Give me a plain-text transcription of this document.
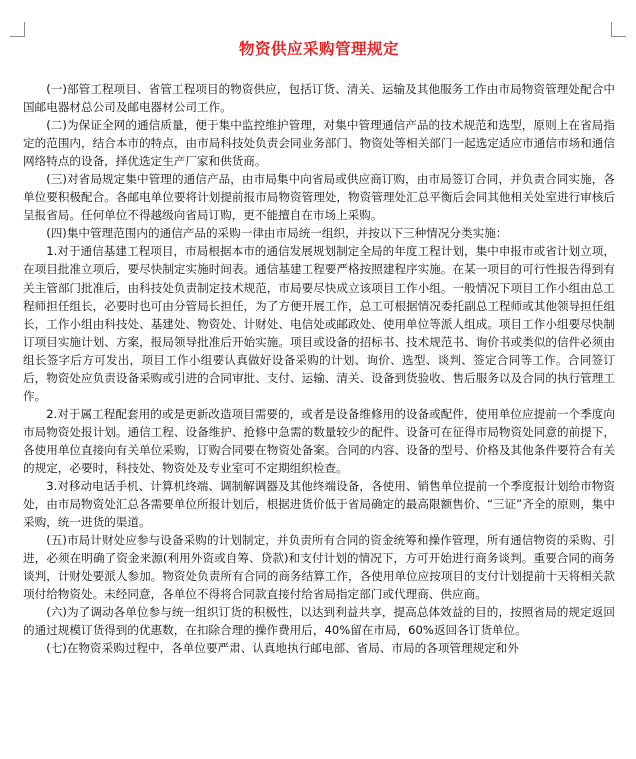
物资供应采购管理规定

(一)部管工程项目、省管工程项目的物资供应，包括订货、清关、运输及其他服务工作由市局物资管理处配合中国邮电器材总公司及邮电器材公司工作。

(二)为保证全网的通信质量，便于集中监控维护管理，对集中管理通信产品的技术规范和选型，原则上在省局指定的范围内，结合本市的特点，由市局科技处负责会同业务部门、物资处等相关部门一起选定适应市通信市场和通信网络特点的设备，择优选定生产厂家和供货商。

(三)对省局规定集中管理的通信产品，由市局集中向省局或供应商订购，由市局签订合同，并负责合同实施，各单位要积极配合。各邮电单位要将计划提前报市局物资管理处，物资管理处汇总平衡后会同其他相关处室进行审核后呈报省局。任何单位不得越级向省局订购，更不能擅自在市场上采购。

(四)集中管理范围内的通信产品的采购一律由市局统一组织，并按以下三种情况分类实施：

1.对于通信基建工程项目，市局根据本市的通信发展规划制定全局的年度工程计划，集中申报市或省计划立项，在项目批准立项后，要尽快制定实施时间表。通信基建工程要严格按照建程序实施。在某一项目的可行性报告得到有关主管部门批准后，由科技处负责制定技术规范，市局要尽快成立该项目工作小组。一般情况下项目工作小组由总工程师担任组长，必要时也可由分管局长担任，为了方便开展工作，总工可根据情况委托副总工程师或其他领导担任组长，工作小组由科技处、基建处、物资处、计财处、电信处或邮政处、使用单位等派人组成。项目工作小组要尽快制订项目实施计划、方案，报局领导批准后开始实施。项目或设备的招标书、技术规范书、询价书或类似的信件必须由组长签字后方可发出，项目工作小组要认真做好设备采购的计划、询价、选型、谈判、签定合同等工作。合同签订后，物资处应负责设备采购或引进的合同审批、支付、运输、清关、设备到货验收、售后服务以及合同的执行管理工作。

2.对于属工程配套用的或是更新改造项目需要的，或者是设备维修用的设备或配件，使用单位应提前一个季度向市局物资处报计划。通信工程、设备维护、抢修中急需的数量较少的配件、设备可在征得市局物资处同意的前提下，各使用单位直接向有关单位采购，订购合同要在物资处备案。合同的内容、设备的型号、价格及其他条件要符合有关的规定，必要时，科技处、物资处及专业室可不定期组织检查。

3.对移动电话手机、计算机终端、调制解调器及其他终端设备，各使用、销售单位提前一个季度报计划给市物资处，由市局物资处汇总各需要单位所报计划后，根据进货价低于省局确定的最高限额售价、“三证”齐全的原则，集中采购，统一进货的渠道。

(五)市局计财处应参与设备采购的计划制定，并负责所有合同的资金统筹和操作管理，所有通信物资的采购、引进，必须在明确了资金来源(利用外资或自筹、贷款)和支付计划的情况下，方可开始进行商务谈判。重要合同的商务谈判，计财处要派人参加。物资处负责所有合同的商务结算工作，各使用单位应按项目的支付计划提前十天将相关款项付给物资处。未经同意，各单位不得将合同款直接付给省局指定部门或代理商、供应商。

(六)为了调动各单位参与统一组织订货的积极性，以达到利益共享，提高总体效益的目的，按照省局的规定返回的通过规模订货得到的优惠数，在扣除合理的操作费用后，40%留在市局，60%返回各订货单位。

(七)在物资采购过程中，各单位要严肃、认真地执行邮电部、省局、市局的各项管理规定和外
